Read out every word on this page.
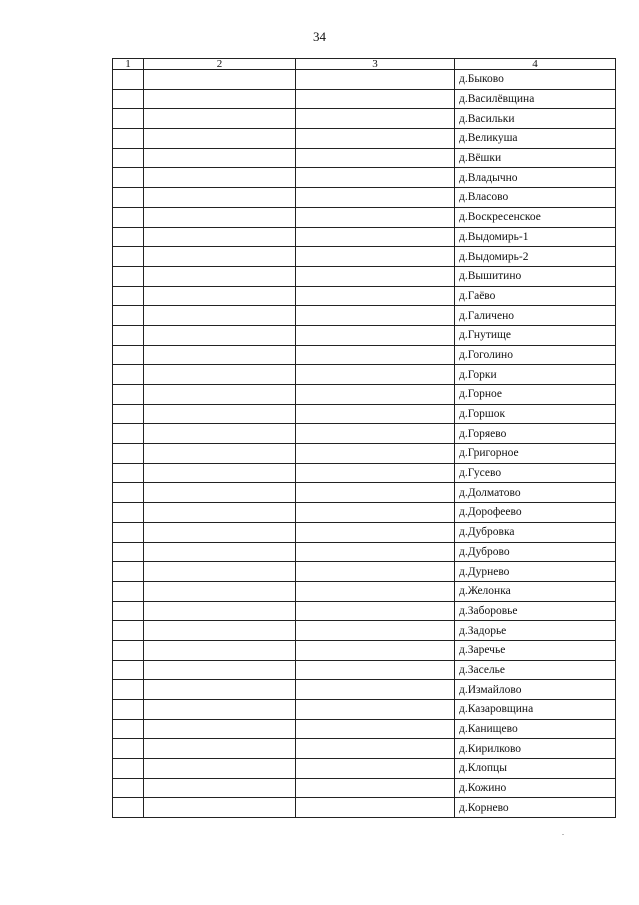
34
1	2	3	4
			д.Быково
			д.Василёвщина
			д.Васильки
			д.Великуша
			д.Вёшки
			д.Владычно
			д.Власово
			д.Воскресенское
			д.Выдомирь-1
			д.Выдомирь-2
			д.Вышитино
			д.Гаёво
			д.Галичено
			д.Гнутище
			д.Гоголино
			д.Горки
			д.Горное
			д.Горшок
			д.Горяево
			д.Григорное
			д.Гусево
			д.Долматово
			д.Дорофеево
			д.Дубровка
			д.Дуброво
			д.Дурнево
			д.Желонка
			д.Заборовье
			д.Задорье
			д.Заречье
			д.Засельe
			д.Измайлово
			д.Казаровщина
			д.Канищево
			д.Кирилково
			д.Клопцы
			д.Кожино
			д.Корнево
